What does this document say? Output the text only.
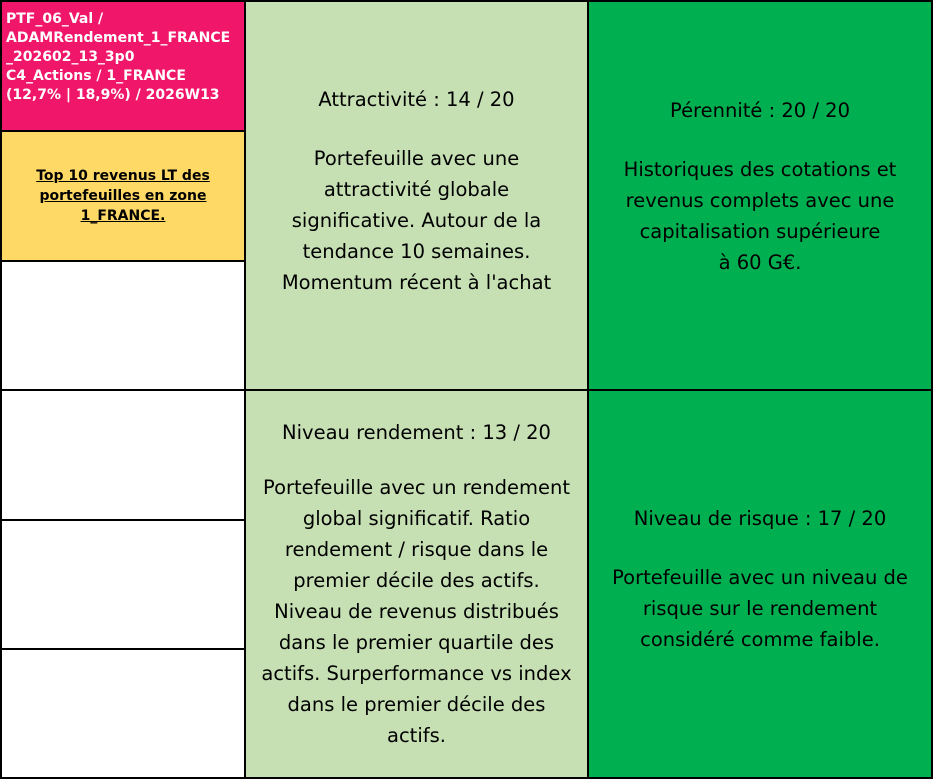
PTF_06_Val /
ADAMRendement_1_FRANCE
_202602_13_3p0
C4_Actions / 1_FRANCE
(12,7% | 18,9%) / 2026W13
Top 10 revenus LT des
portefeuilles en zone
1_FRANCE.
Attractivité : 14 / 20
Portefeuille avec une
attractivité globale
significative. Autour de la
tendance 10 semaines.
Momentum récent à l'achat
Pérennité : 20 / 20
Historiques des cotations et
revenus complets avec une
capitalisation supérieure
à 60 G€.
Niveau rendement : 13 / 20
Portefeuille avec un rendement
global significatif. Ratio
rendement / risque dans le
premier décile des actifs.
Niveau de revenus distribués
dans le premier quartile des
actifs. Surperformance vs index
dans le premier décile des
actifs.
Niveau de risque : 17 / 20
Portefeuille avec un niveau de
risque sur le rendement
considéré comme faible.
